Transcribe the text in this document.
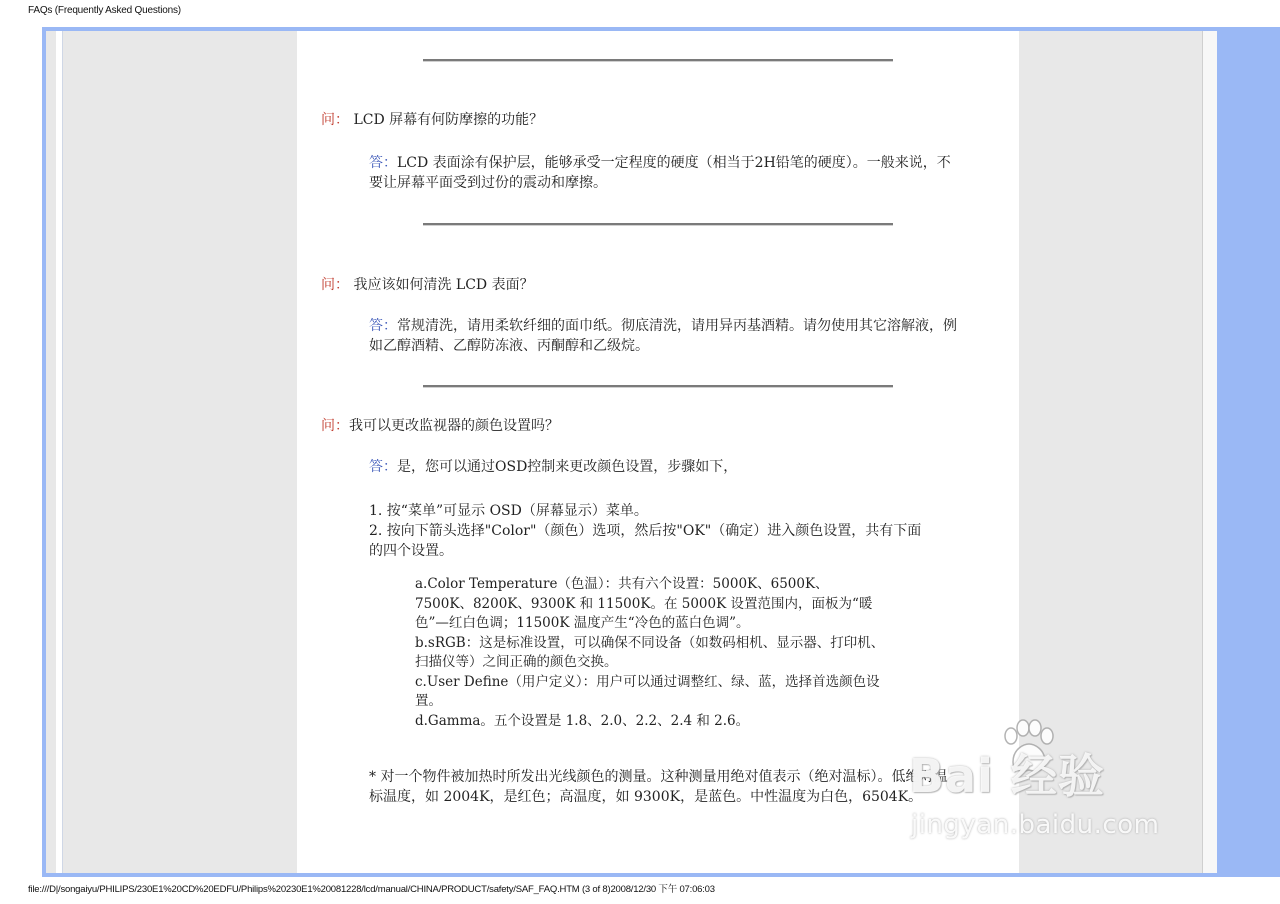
FAQs (Frequently Asked Questions)
问： LCD 屏幕有何防摩擦的功能？
答：LCD 表面涂有保护层，能够承受一定程度的硬度（相当于2H铅笔的硬度）。一般来说，不要让屏幕平面受到过份的震动和摩擦。
问： 我应该如何清洗 LCD 表面？
答：常规清洗，请用柔软纤细的面巾纸。彻底清洗，请用异丙基酒精。请勿使用其它溶解液，例如乙醇酒精、乙醇防冻液、丙酮醇和乙级烷。
问：我可以更改监视器的颜色设置吗？
答：是，您可以通过OSD控制来更改颜色设置，步骤如下，
1. 按“菜单”可显示 OSD（屏幕显示）菜单。
2. 按向下箭头选择"Color"（颜色）选项，然后按"OK"（确定）进入颜色设置，共有下面的四个设置。
a.Color Temperature（色温）：共有六个设置：5000K、6500K、7500K、8200K、9300K 和 11500K。在 5000K 设置范围内，面板为“暖色”—红白色调；11500K 温度产生“冷色的蓝白色调”。
b.sRGB：这是标准设置，可以确保不同设备（如数码相机、显示器、打印机、扫描仪等）之间正确的颜色交换。
c.User Define（用户定义）：用户可以通过调整红、绿、蓝，选择首选颜色设置。
d.Gamma。五个设置是 1.8、2.0、2.2、2.4 和 2.6。
* 对一个物件被加热时所发出光线颜色的测量。这种测量用绝对值表示（绝对温标）。低绝对温标温度，如 2004K，是红色；高温度，如 9300K，是蓝色。中性温度为白色，6504K。
Bai 经验
jingyan.baidu.com
file:///D|/songaiyu/PHILIPS/230E1%20CD%20EDFU/Philips%20230E1%20081228/lcd/manual/CHINA/PRODUCT/safety/SAF_FAQ.HTM (3 of 8)2008/12/30 下午 07:06:03
